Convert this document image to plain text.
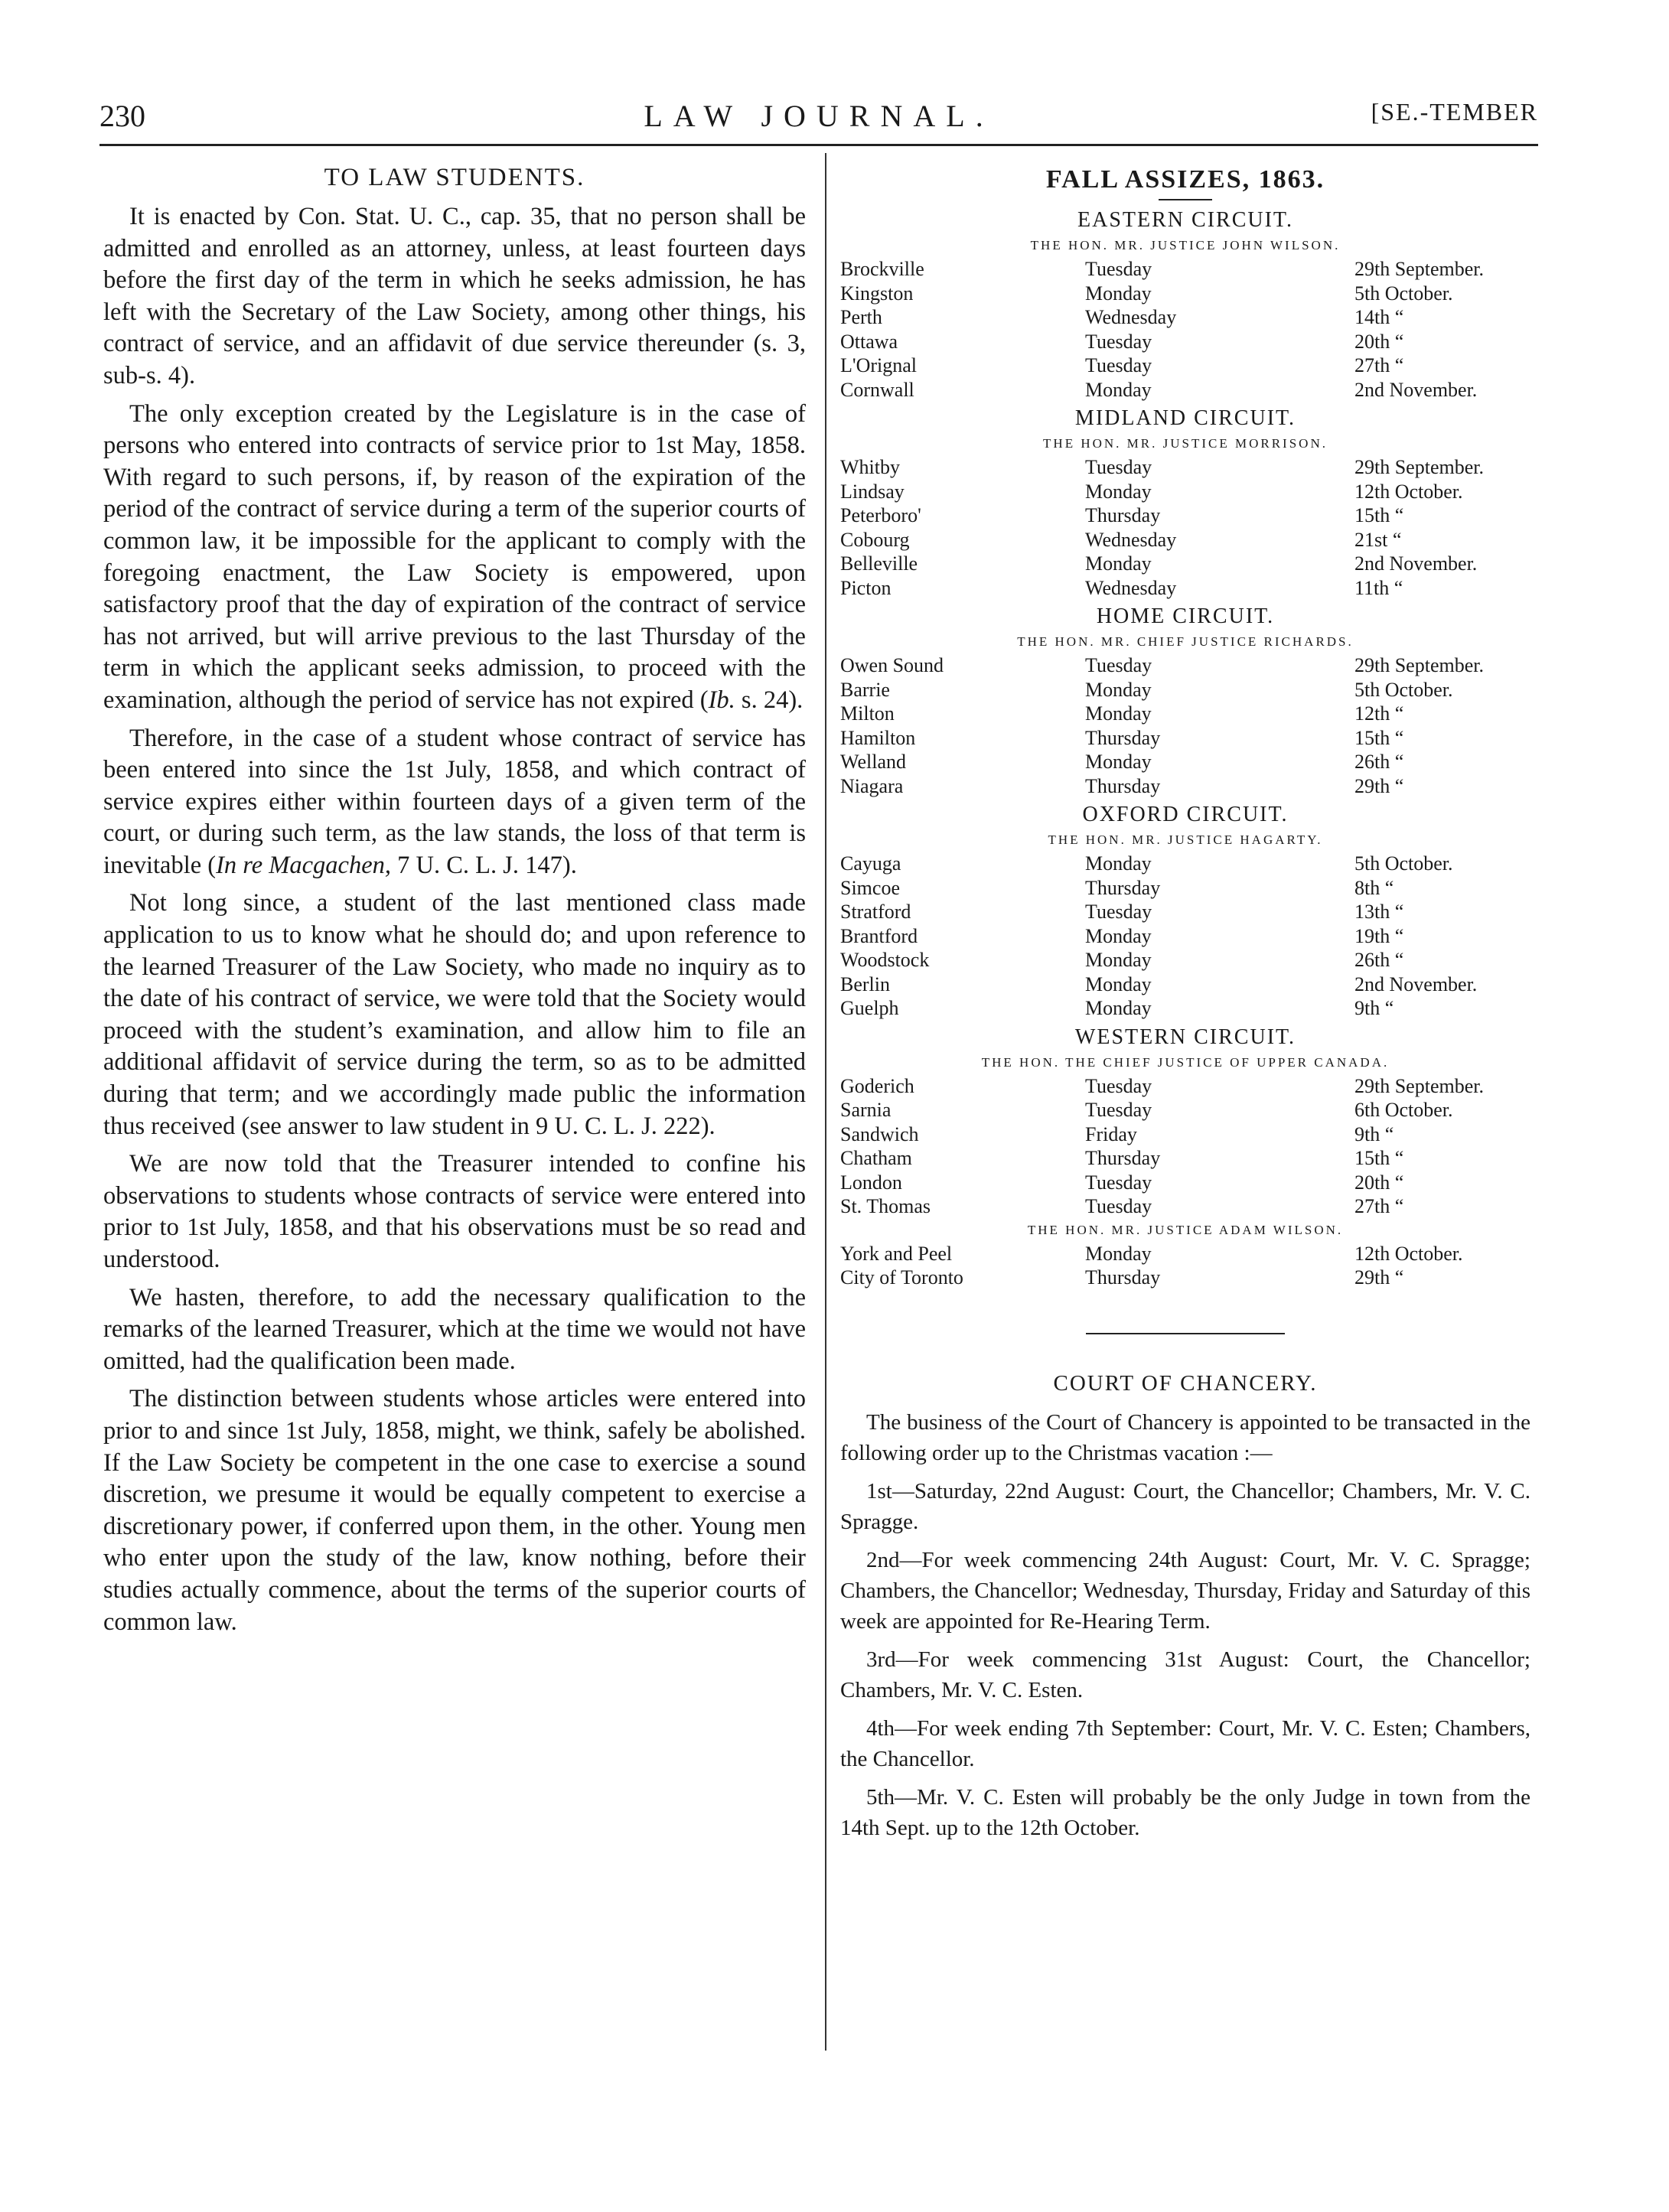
230	LAW JOURNAL.	[SE.-TEMBER
TO LAW STUDENTS.

It is enacted by Con. Stat. U. C., cap. 35, that no person shall be admitted and enrolled as an attorney, unless, at least fourteen days before the first day of the term in which he seeks admission, he has left with the Secretary of the Law Society, among other things, his contract of service, and an affidavit of due service thereunder (s. 3, sub-s. 4).

The only exception created by the Legislature is in the case of persons who entered into contracts of service prior to 1st May, 1858. With regard to such persons, if, by reason of the expiration of the period of the contract of service during a term of the superior courts of common law, it be impossible for the applicant to comply with the foregoing enactment, the Law Society is empowered, upon satisfactory proof that the day of expiration of the contract of service has not arrived, but will arrive previous to the last Thursday of the term in which the applicant seeks admission, to proceed with the examination, although the period of service has not expired (Ib. s. 24).

Therefore, in the case of a student whose contract of service has been entered into since the 1st July, 1858, and which contract of service expires either within fourteen days of a given term of the court, or during such term, as the law stands, the loss of that term is inevitable (In re Macgachen, 7 U. C. L. J. 147).

Not long since, a student of the last mentioned class made application to us to know what he should do; and upon reference to the learned Treasurer of the Law Society, who made no inquiry as to the date of his contract of service, we were told that the Society would proceed with the student’s examination, and allow him to file an additional affidavit of service during the term, so as to be admitted during that term; and we accordingly made public the information thus received (see answer to law student in 9 U. C. L. J. 222).

We are now told that the Treasurer intended to confine his observations to students whose contracts of service were entered into prior to 1st July, 1858, and that his observations must be so read and understood.

We hasten, therefore, to add the necessary qualification to the remarks of the learned Treasurer, which at the time we would not have omitted, had the qualification been made.

The distinction between students whose articles were entered into prior to and since 1st July, 1858, might, we think, safely be abolished. If the Law Society be competent in the one case to exercise a sound discretion, we presume it would be equally competent to exercise a discretionary power, if conferred upon them, in the other. Young men who enter upon the study of the law, know nothing, before their studies actually commence, about the terms of the superior courts of common law.

FALL ASSIZES, 1863.
EASTERN CIRCUIT.
THE HON. MR. JUSTICE JOHN WILSON.
Brockville	Tuesday	29th September.
Kingston	Monday	5th October.
Perth	Wednesday	14th “
Ottawa	Tuesday	20th “
L'Orignal	Tuesday	27th “
Cornwall	Monday	2nd November.
MIDLAND CIRCUIT.
THE HON. MR. JUSTICE MORRISON.
Whitby	Tuesday	29th September.
Lindsay	Monday	12th October.
Peterboro'	Thursday	15th “
Cobourg	Wednesday	21st “
Belleville	Monday	2nd November.
Picton	Wednesday	11th “
HOME CIRCUIT.
THE HON. MR. CHIEF JUSTICE RICHARDS.
Owen Sound	Tuesday	29th September.
Barrie	Monday	5th October.
Milton	Monday	12th “
Hamilton	Thursday	15th “
Welland	Monday	26th “
Niagara	Thursday	29th “
OXFORD CIRCUIT.
THE HON. MR. JUSTICE HAGARTY.
Cayuga	Monday	5th October.
Simcoe	Thursday	8th “
Stratford	Tuesday	13th “
Brantford	Monday	19th “
Woodstock	Monday	26th “
Berlin	Monday	2nd November.
Guelph	Monday	9th “
WESTERN CIRCUIT.
THE HON. THE CHIEF JUSTICE OF UPPER CANADA.
Goderich	Tuesday	29th September.
Sarnia	Tuesday	6th October.
Sandwich	Friday	9th “
Chatham	Thursday	15th “
London	Tuesday	20th “
St. Thomas	Tuesday	27th “
THE HON. MR. JUSTICE ADAM WILSON.
York and Peel	Monday	12th October.
City of Toronto	Thursday	29th “
COURT OF CHANCERY.

The business of the Court of Chancery is appointed to be transacted in the following order up to the Christmas vacation :—

1st—Saturday, 22nd August: Court, the Chancellor; Chambers, Mr. V. C. Spragge.

2nd—For week commencing 24th August: Court, Mr. V. C. Spragge; Chambers, the Chancellor; Wednesday, Thursday, Friday and Saturday of this week are appointed for Re-Hearing Term.

3rd—For week commencing 31st August: Court, the Chancellor; Chambers, Mr. V. C. Esten.

4th—For week ending 7th September: Court, Mr. V. C. Esten; Chambers, the Chancellor.

5th—Mr. V. C. Esten will probably be the only Judge in town from the 14th Sept. up to the 12th October.
